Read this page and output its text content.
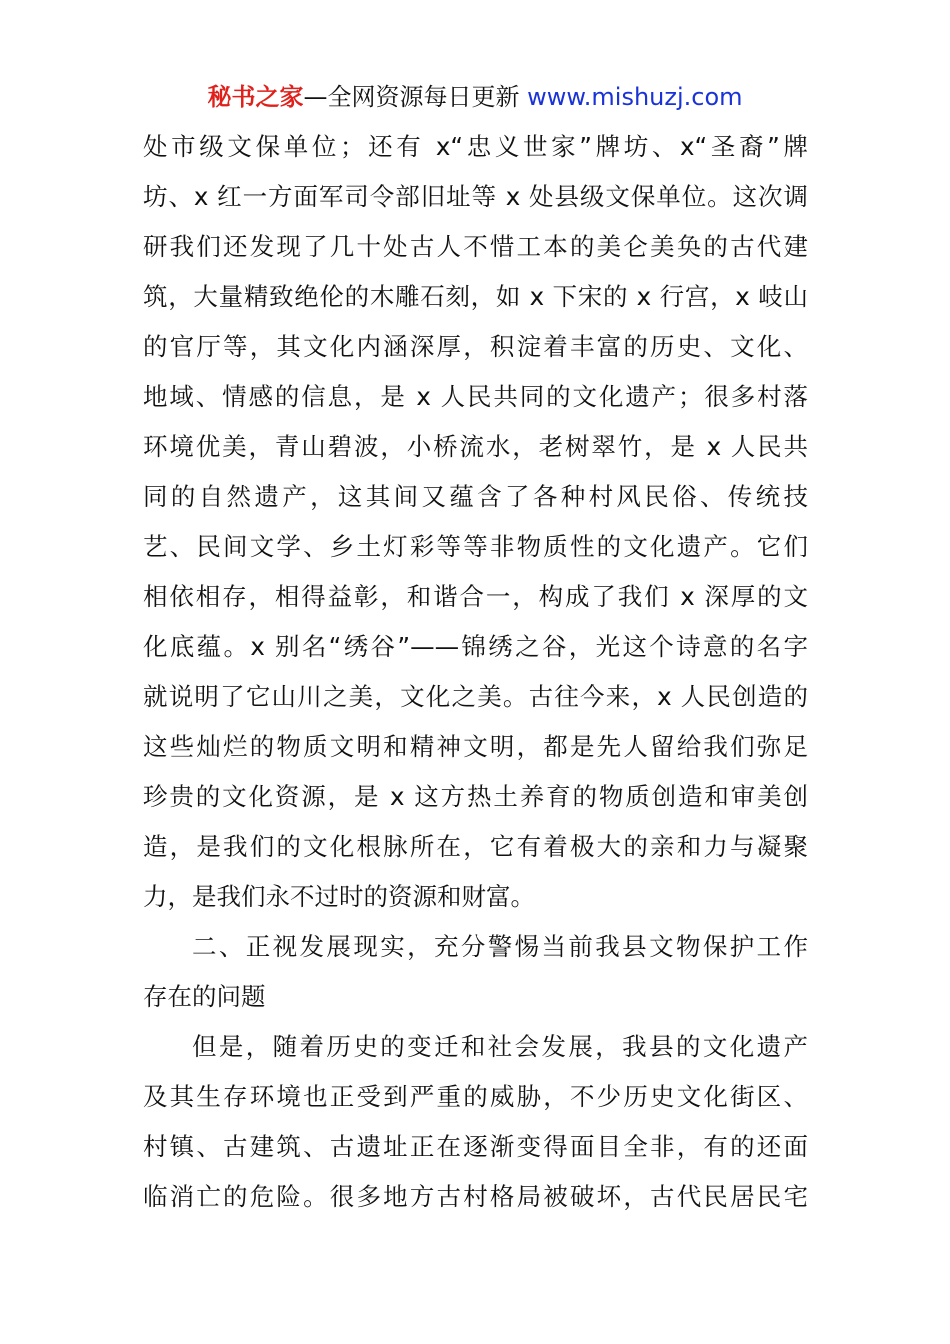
秘书之家—全网资源每日更新 www.mishuzj.com
处市级文保单位；还有 x“忠义世家”牌坊、x“圣裔”牌
坊、x 红一方面军司令部旧址等 x 处县级文保单位。这次调
研我们还发现了几十处古人不惜工本的美仑美奂的古代建
筑，大量精致绝伦的木雕石刻，如 x 下宋的 x 行宫，x 岐山
的官厅等，其文化内涵深厚，积淀着丰富的历史、文化、
地域、情感的信息，是 x 人民共同的文化遗产；很多村落
环境优美，青山碧波，小桥流水，老树翠竹，是 x 人民共
同的自然遗产，这其间又蕴含了各种村风民俗、传统技
艺、民间文学、乡土灯彩等等非物质性的文化遗产。它们
相依相存，相得益彰，和谐合一，构成了我们 x 深厚的文
化底蕴。x 别名“绣谷”——锦绣之谷，光这个诗意的名字
就说明了它山川之美，文化之美。古往今来，x 人民创造的
这些灿烂的物质文明和精神文明，都是先人留给我们弥足
珍贵的文化资源，是 x 这方热土养育的物质创造和审美创
造，是我们的文化根脉所在，它有着极大的亲和力与凝聚
力，是我们永不过时的资源和财富。
二、正视发展现实，充分警惕当前我县文物保护工作
存在的问题
但是，随着历史的变迁和社会发展，我县的文化遗产
及其生存环境也正受到严重的威胁，不少历史文化街区、
村镇、古建筑、古遗址正在逐渐变得面目全非，有的还面
临消亡的危险。很多地方古村格局被破坏，古代民居民宅
